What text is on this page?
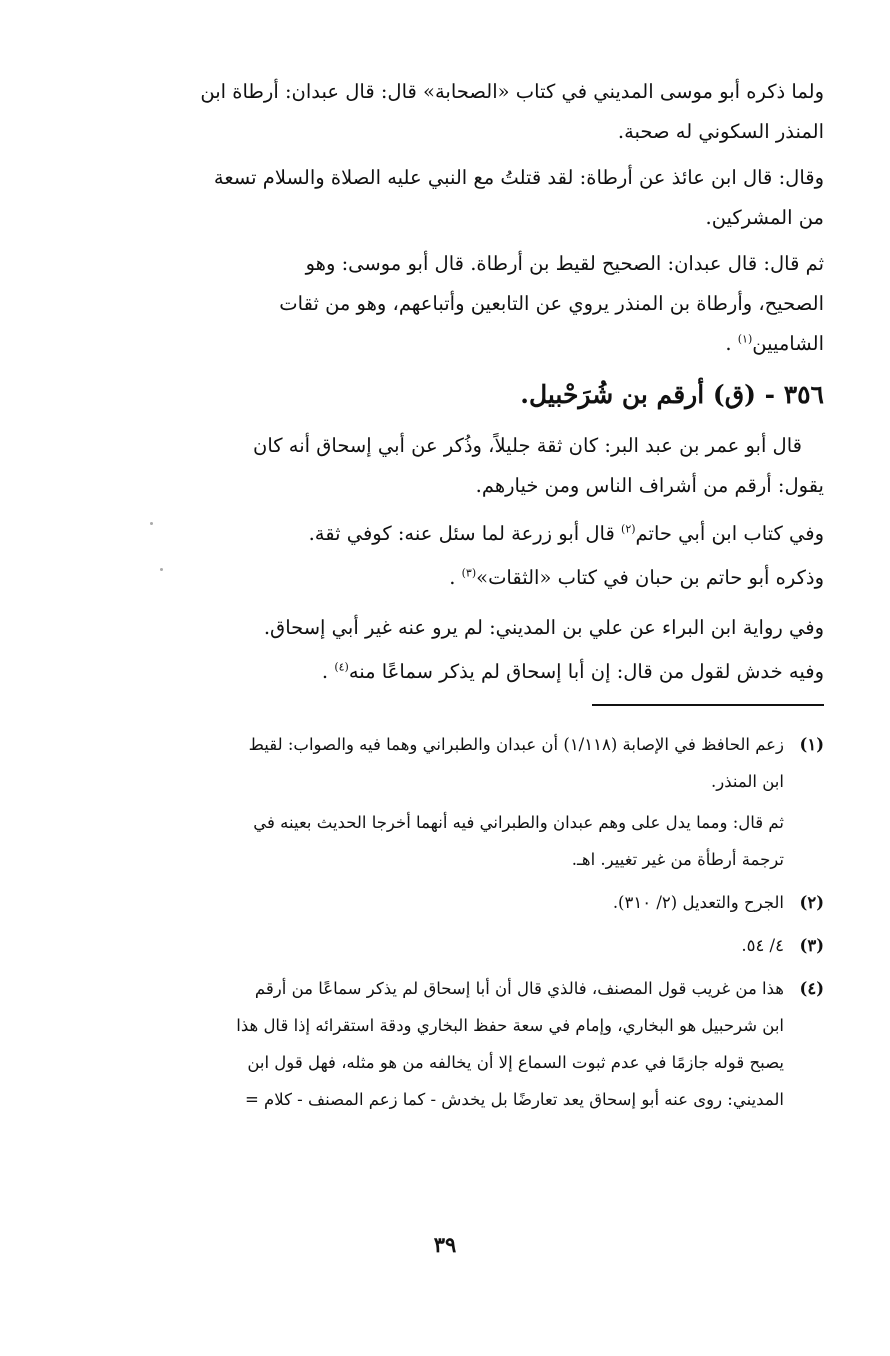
ولما ذكره أبو موسى المديني في كتاب «الصحابة» قال: قال عبدان: أرطاة ابن
المنذر السكوني له صحبة.

وقال: قال ابن عائذ عن أرطاة: لقد قتلتُ مع النبي عليه الصلاة والسلام تسعة
من المشركين.

ثم قال: قال عبدان: الصحيح لقيط بن أرطاة. قال أبو موسى: وهو
الصحيح، وأرطاة بن المنذر يروي عن التابعين وأتباعهم، وهو من ثقات
الشاميين$^{(١)}$ .

٣٥٦ - (ق) أرقم بن شُرَحْبيل.

قال أبو عمر بن عبد البر: كان ثقة جليلاً، وذُكر عن أبي إسحاق أنه كان
يقول: أرقم من أشراف الناس ومن خيارهم.

وفي كتاب ابن أبي حاتم$^{(٢)}$ قال أبو زرعة لما سئل عنه: كوفي ثقة.

وذكره أبو حاتم بن حبان في كتاب «الثقات»$^{(٣)}$ .

وفي رواية ابن البراء عن علي بن المديني: لم يرو عنه غير أبي إسحاق.

وفيه خدش لقول من قال: إن أبا إسحاق لم يذكر سماعًا منه$^{(٤)}$ .

(١)
زعم الحافظ في الإصابة (١/١١٨) أن عبدان والطبراني وهما فيه والصواب: لقيط
ابن المنذر.
ثم قال: ومما يدل على وهم عبدان والطبراني فيه أنهما أخرجا الحديث بعينه في
ترجمة أرطأة من غير تغيير. اهـ.
(٢)
الجرح والتعديل (٢/ ٣١٠).
(٣)
٤/ ٥٤.
(٤)
هذا من غريب قول المصنف، فالذي قال أن أبا إسحاق لم يذكر سماعًا من أرقم
ابن شرحبيل هو البخاري، وإمام في سعة حفظ البخاري ودقة استقرائه إذا قال هذا
يصبح قوله جازمًا في عدم ثبوت السماع إلا أن يخالفه من هو مثله، فهل قول ابن
المديني: روى عنه أبو إسحاق يعد تعارضًا بل يخدش - كما زعم المصنف - كلام =
٣٩
